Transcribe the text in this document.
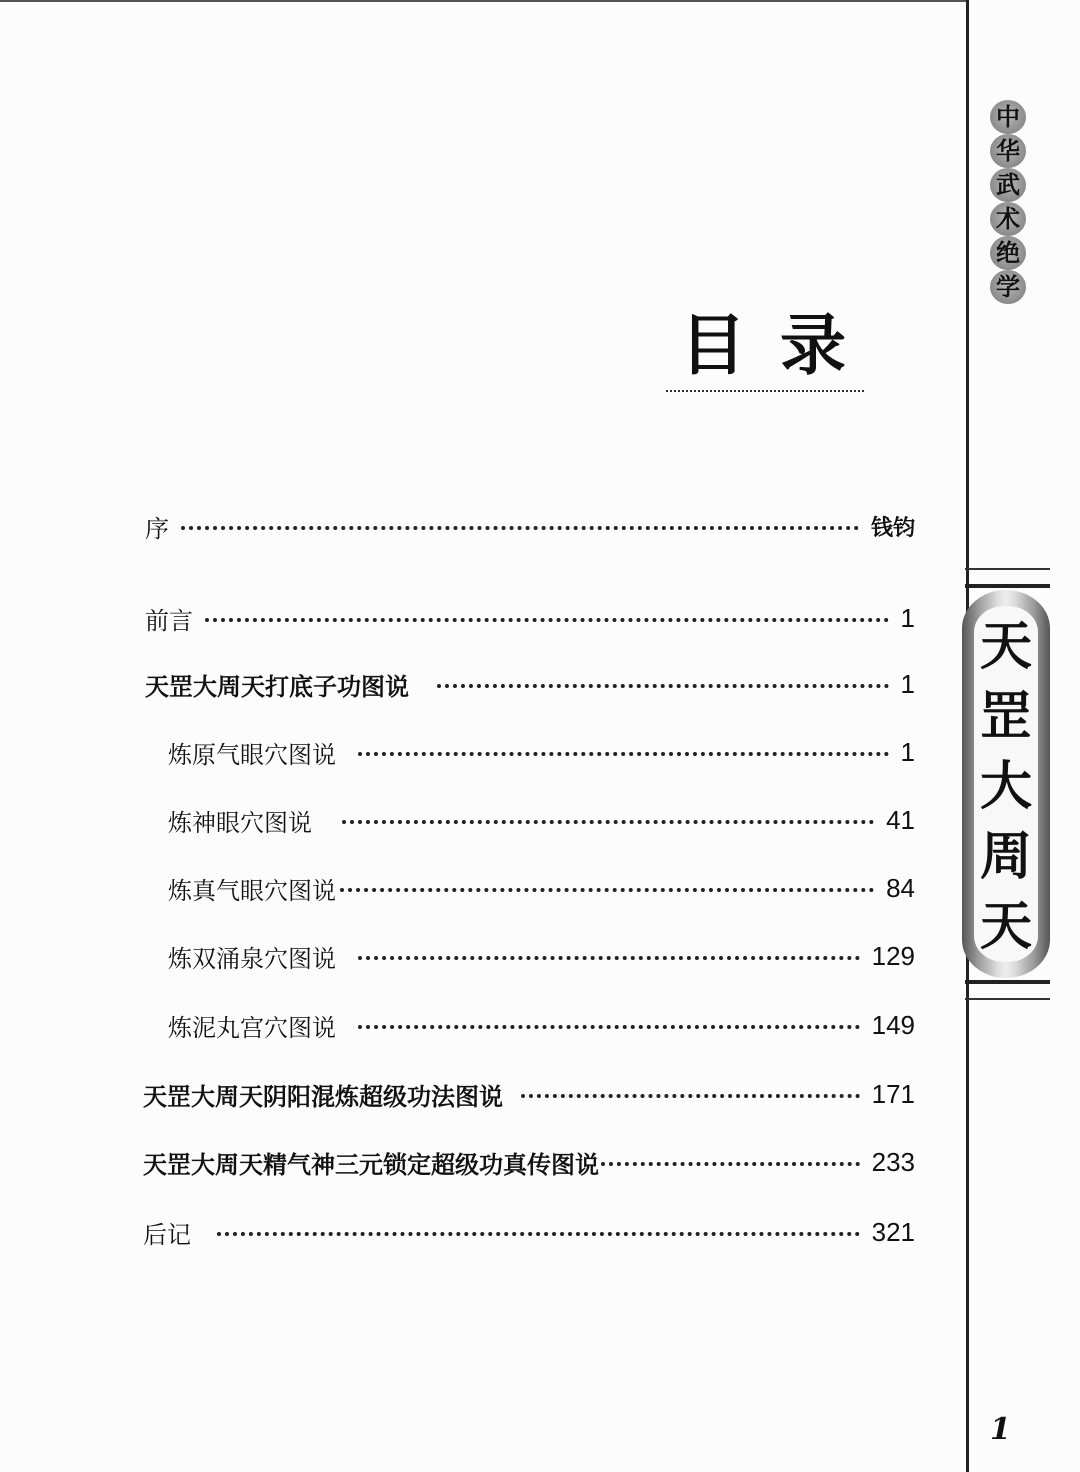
中
华
武
术
绝
学
天
罡
大
周
天
目录
序	钱钧
前言	1
天罡大周天打底子功图说	1
炼原气眼穴图说	1
炼神眼穴图说	41
炼真气眼穴图说	84
炼双涌泉穴图说	129
炼泥丸宫穴图说	149
天罡大周天阴阳混炼超级功法图说	171
天罡大周天精气神三元锁定超级功真传图说	233
后记	321
1
